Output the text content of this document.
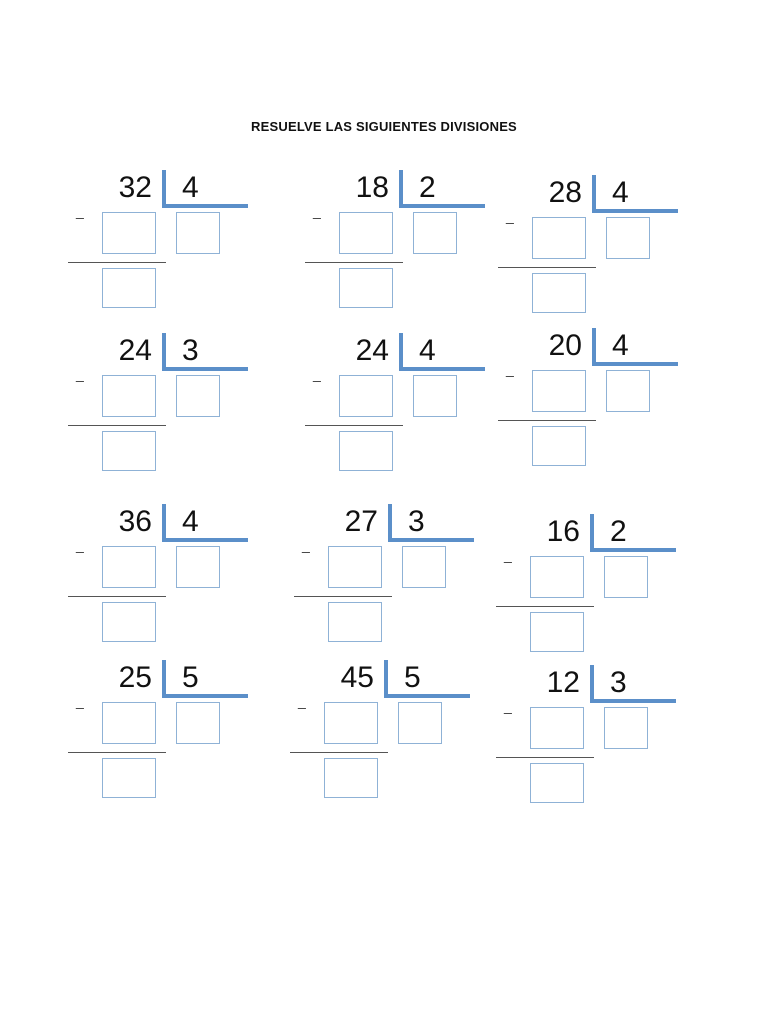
RESUELVE LAS SIGUIENTES DIVISIONES
32 4
_
18 2
_
28 4
_
24 3
_
24 4
_
20 4
_
36 4
_
27 3
_	16 2
_
25 5
_
45 5
_
12 3
_
